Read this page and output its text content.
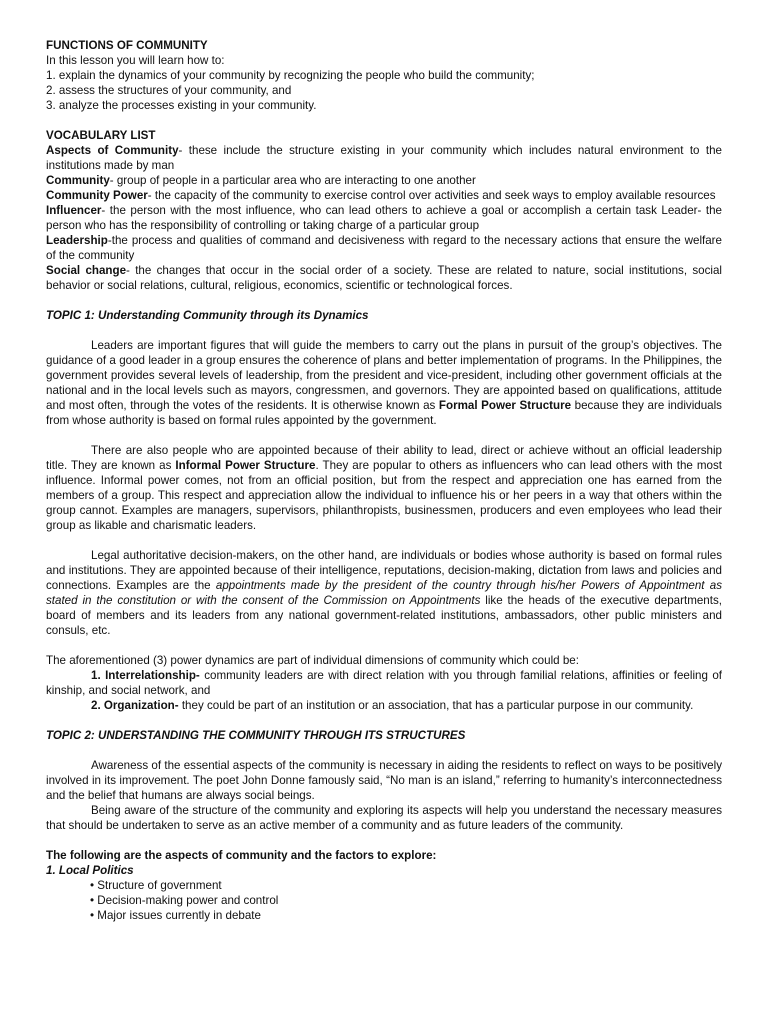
FUNCTIONS OF COMMUNITY

In this lesson you will learn how to:

1. explain the dynamics of your community by recognizing the people who build the community;

2. assess the structures of your community, and

3. analyze the processes existing in your community.

VOCABULARY LIST

Aspects of Community- these include the structure existing in your community which includes natural environment to the institutions made by man

Community- group of people in a particular area who are interacting to one another

Community Power- the capacity of the community to exercise control over activities and seek ways to employ available resources

Influencer- the person with the most influence, who can lead others to achieve a goal or accomplish a certain task Leader- the person who has the responsibility of controlling or taking charge of a particular group

Leadership-the process and qualities of command and decisiveness with regard to the necessary actions that ensure the welfare of the community

Social change- the changes that occur in the social order of a society. These are related to nature, social institutions, social behavior or social relations, cultural, religious, economics, scientific or technological forces.

TOPIC 1: Understanding Community through its Dynamics

Leaders are important figures that will guide the members to carry out the plans in pursuit of the group’s objectives. The guidance of a good leader in a group ensures the coherence of plans and better implementation of programs. In the Philippines, the government provides several levels of leadership, from the president and vice-president, including other government officials at the national and in the local levels such as mayors, congressmen, and governors. They are appointed based on qualifications, attitude and most often, through the votes of the residents. It is otherwise known as Formal Power Structure because they are individuals from whose authority is based on formal rules appointed by the government.

There are also people who are appointed because of their ability to lead, direct or achieve without an official leadership title. They are known as Informal Power Structure. They are popular to others as influencers who can lead others with the most influence. Informal power comes, not from an official position, but from the respect and appreciation one has earned from the members of a group. This respect and appreciation allow the individual to influence his or her peers in a way that others within the group cannot. Examples are managers, supervisors, philanthropists, businessmen, producers and even employees who lead their group as likable and charismatic leaders.

Legal authoritative decision-makers, on the other hand, are individuals or bodies whose authority is based on formal rules and institutions. They are appointed because of their intelligence, reputations, decision-making, dictation from laws and policies and connections. Examples are the appointments made by the president of the country through his/her Powers of Appointment as stated in the constitution or with the consent of the Commission on Appointments like the heads of the executive departments, board of members and its leaders from any national government-related institutions, ambassadors, other public ministers and consuls, etc.

The aforementioned (3) power dynamics are part of individual dimensions of community which could be:

1. Interrelationship- community leaders are with direct relation with you through familial relations, affinities or feeling of kinship, and social network, and

2. Organization- they could be part of an institution or an association, that has a particular purpose in our community.

TOPIC 2: UNDERSTANDING THE COMMUNITY THROUGH ITS STRUCTURES

Awareness of the essential aspects of the community is necessary in aiding the residents to reflect on ways to be positively involved in its improvement. The poet John Donne famously said, “No man is an island,” referring to humanity’s interconnectedness and the belief that humans are always social beings.

Being aware of the structure of the community and exploring its aspects will help you understand the necessary measures that should be undertaken to serve as an active member of a community and as future leaders of the community.

The following are the aspects of community and the factors to explore:

1. Local Politics

• Structure of government
• Decision-making power and control
• Major issues currently in debate
